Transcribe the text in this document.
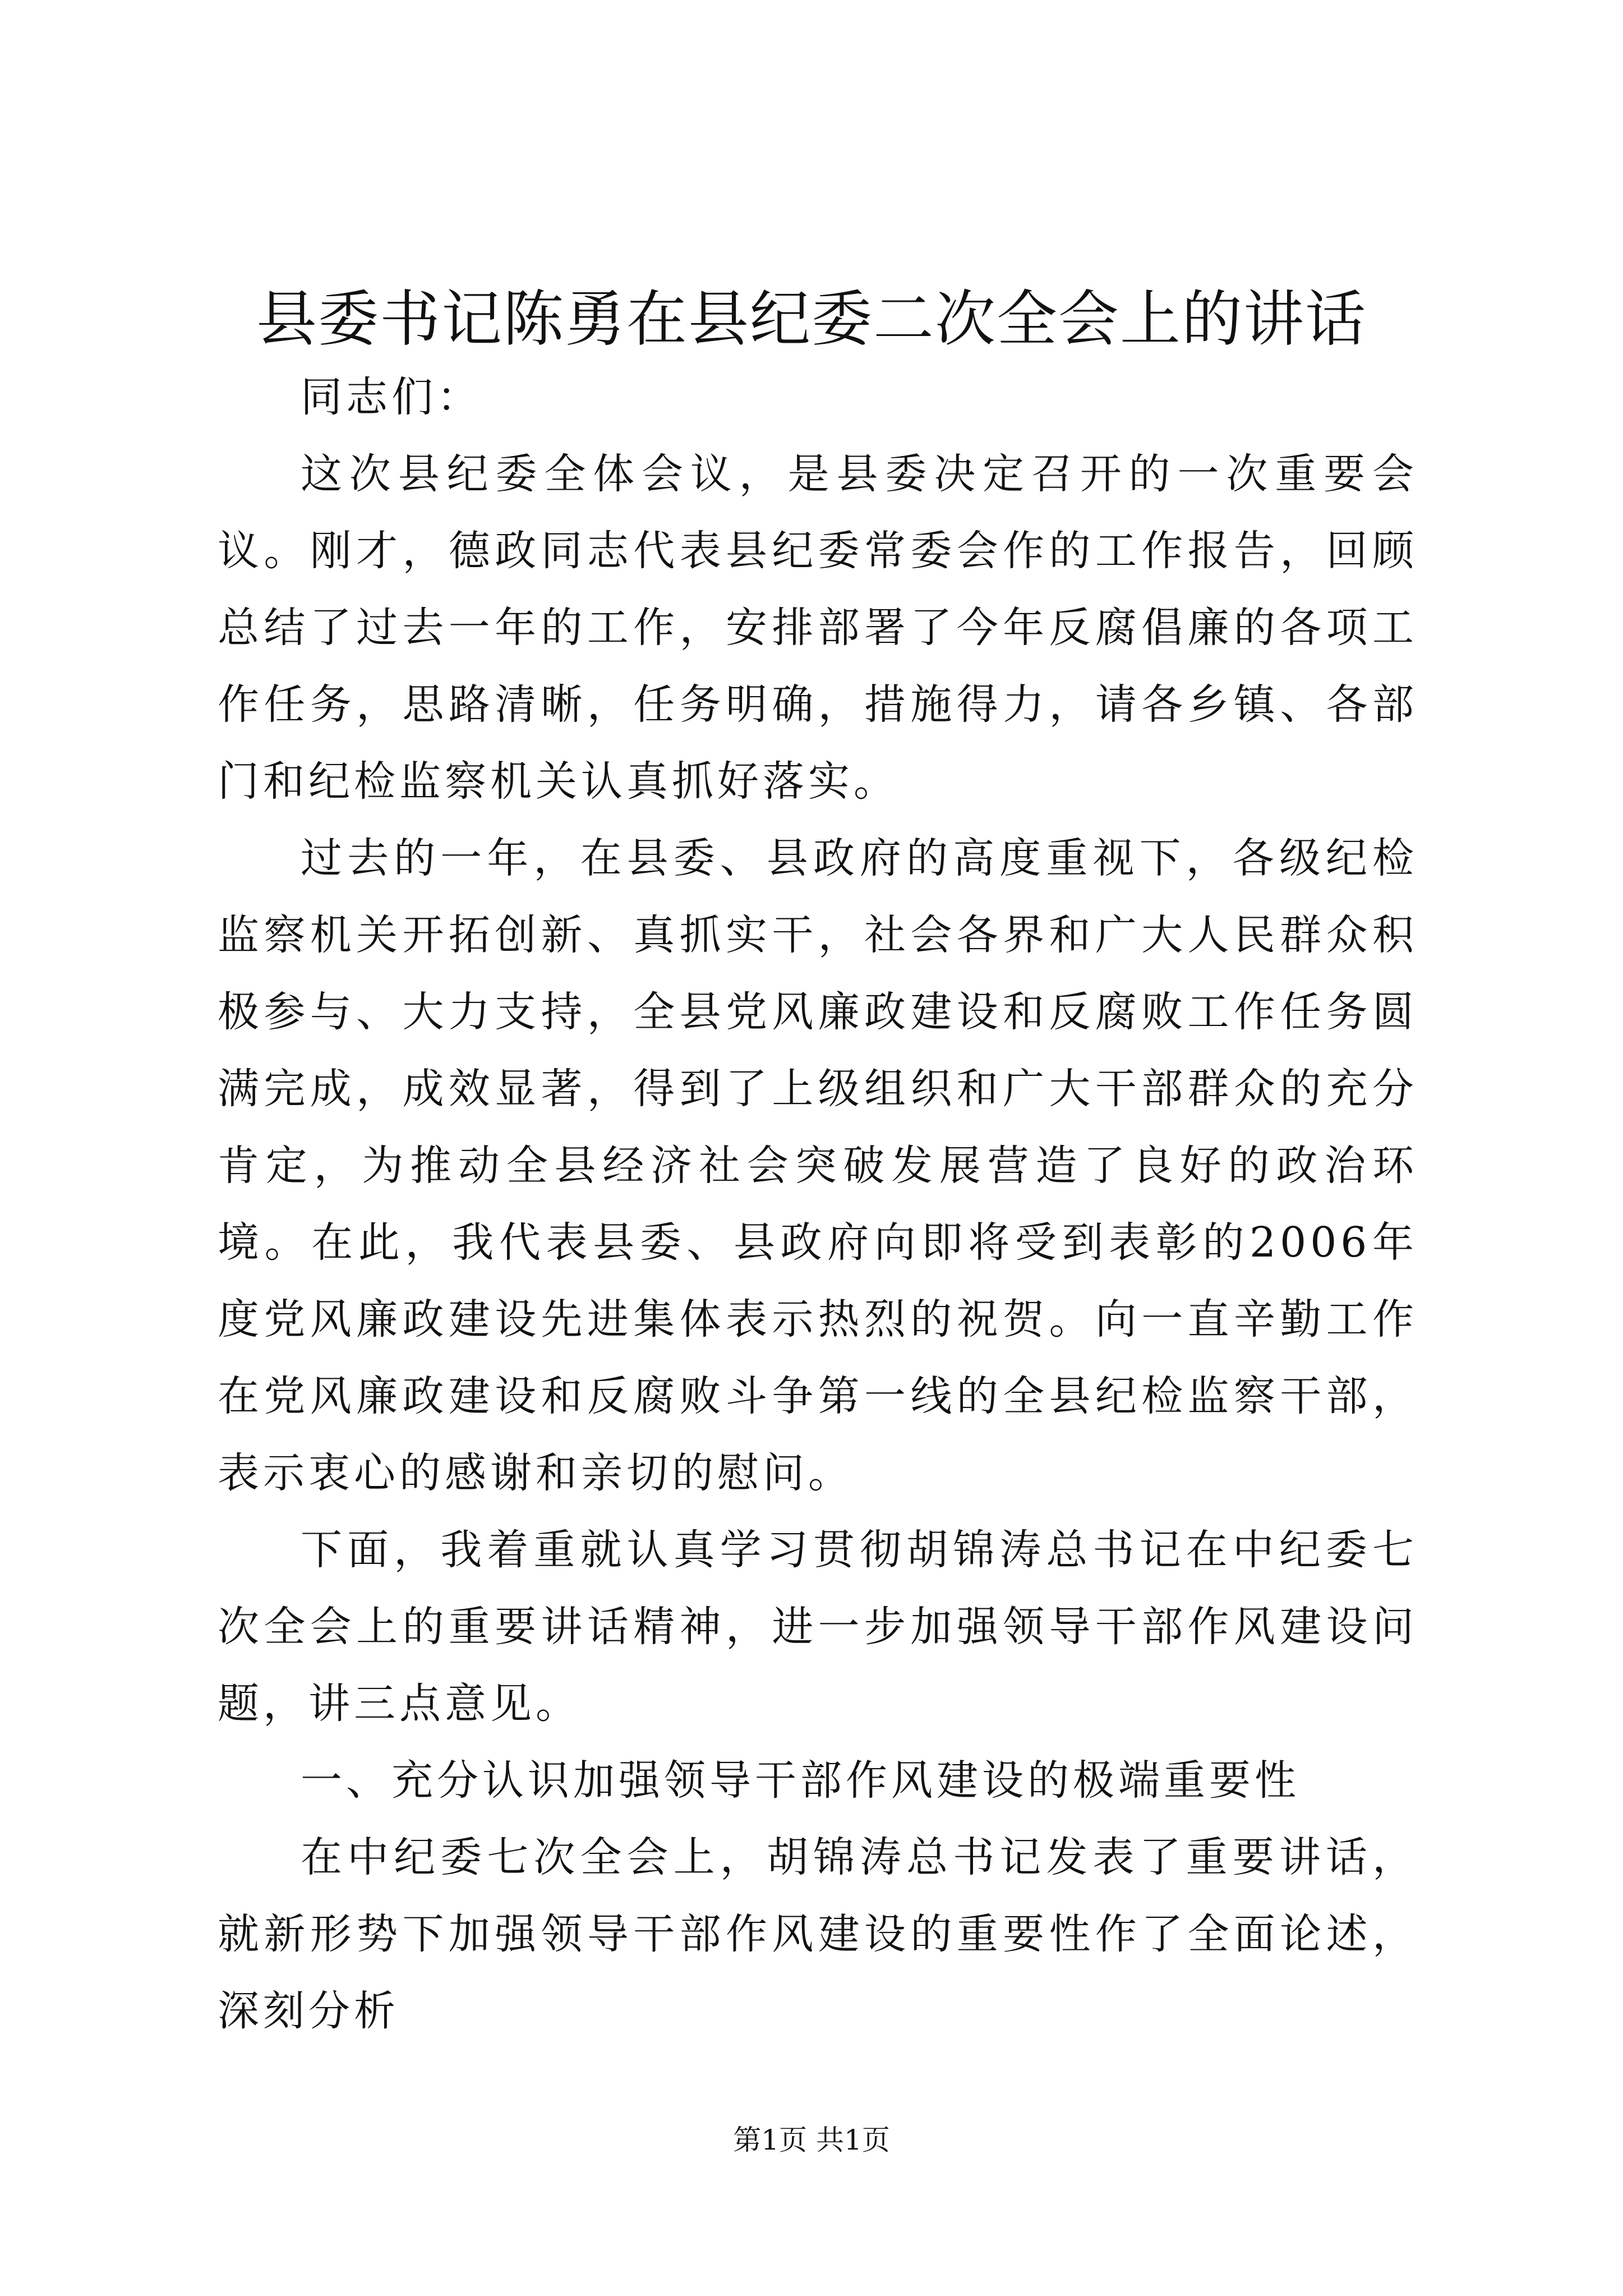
县委书记陈勇在县纪委二次全会上的讲话

同志们：

这次县纪委全体会议，是县委决定召开的一次重要会议。刚才，德政同志代表县纪委常委会作的工作报告，回顾总结了过去一年的工作，安排部署了今年反腐倡廉的各项工作任务，思路清晰，任务明确，措施得力，请各乡镇、各部门和纪检监察机关认真抓好落实。

过去的一年，在县委、县政府的高度重视下，各级纪检监察机关开拓创新、真抓实干，社会各界和广大人民群众积极参与、大力支持，全县党风廉政建设和反腐败工作任务圆满完成，成效显著，得到了上级组织和广大干部群众的充分肯定，为推动全县经济社会突破发展营造了良好的政治环境。在此，我代表县委、县政府向即将受到表彰的2006年度党风廉政建设先进集体表示热烈的祝贺。向一直辛勤工作在党风廉政建设和反腐败斗争第一线的全县纪检监察干部，表示衷心的感谢和亲切的慰问。

下面，我着重就认真学习贯彻胡锦涛总书记在中纪委七次全会上的重要讲话精神，进一步加强领导干部作风建设问题，讲三点意见。

一、充分认识加强领导干部作风建设的极端重要性

在中纪委七次全会上，胡锦涛总书记发表了重要讲话，就新形势下加强领导干部作风建设的重要性作了全面论述，深刻分析

第1页 共1页
